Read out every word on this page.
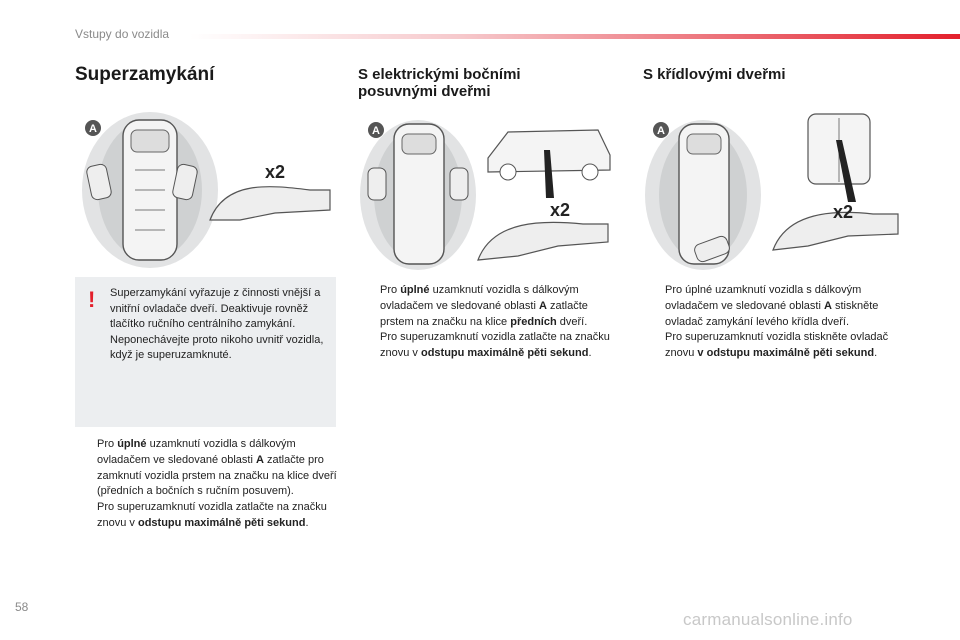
Vstupy do vozidla
Superzamykání	S elektrickými bočními posuvnými dveřmi
S křídlovými dveřmi
A
x2
A
x2
A
x2
! Superzamykání vyřazuje z činnosti vnější a vnitřní ovladače dveří. Deaktivuje rovněž tlačítko ručního centrálního zamykání. Neponechávejte proto nikoho uvnitř vozidla, když je superuzamknuté.
Pro úplné uzamknutí vozidla s dálkovým ovladačem ve sledované oblasti A zatlačte pro zamknutí vozidla prstem na značku na klice dveří (předních a bočních s ručním posuvem).
Pro superuzamknutí vozidla zatlačte na značku znovu v odstupu maximálně pěti sekund.
Pro úplné uzamknutí vozidla s dálkovým ovladačem ve sledované oblasti A zatlačte prstem na značku na klice předních dveří.
Pro superuzamknutí vozidla zatlačte na značku znovu v odstupu maximálně pěti sekund.
Pro úplné uzamknutí vozidla s dálkovým ovladačem ve sledované oblasti A stiskněte ovladač zamykání levého křídla dveří.
Pro superuzamknutí vozidla stiskněte ovladač znovu v odstupu maximálně pěti sekund.
58
carmanualsonline.info
